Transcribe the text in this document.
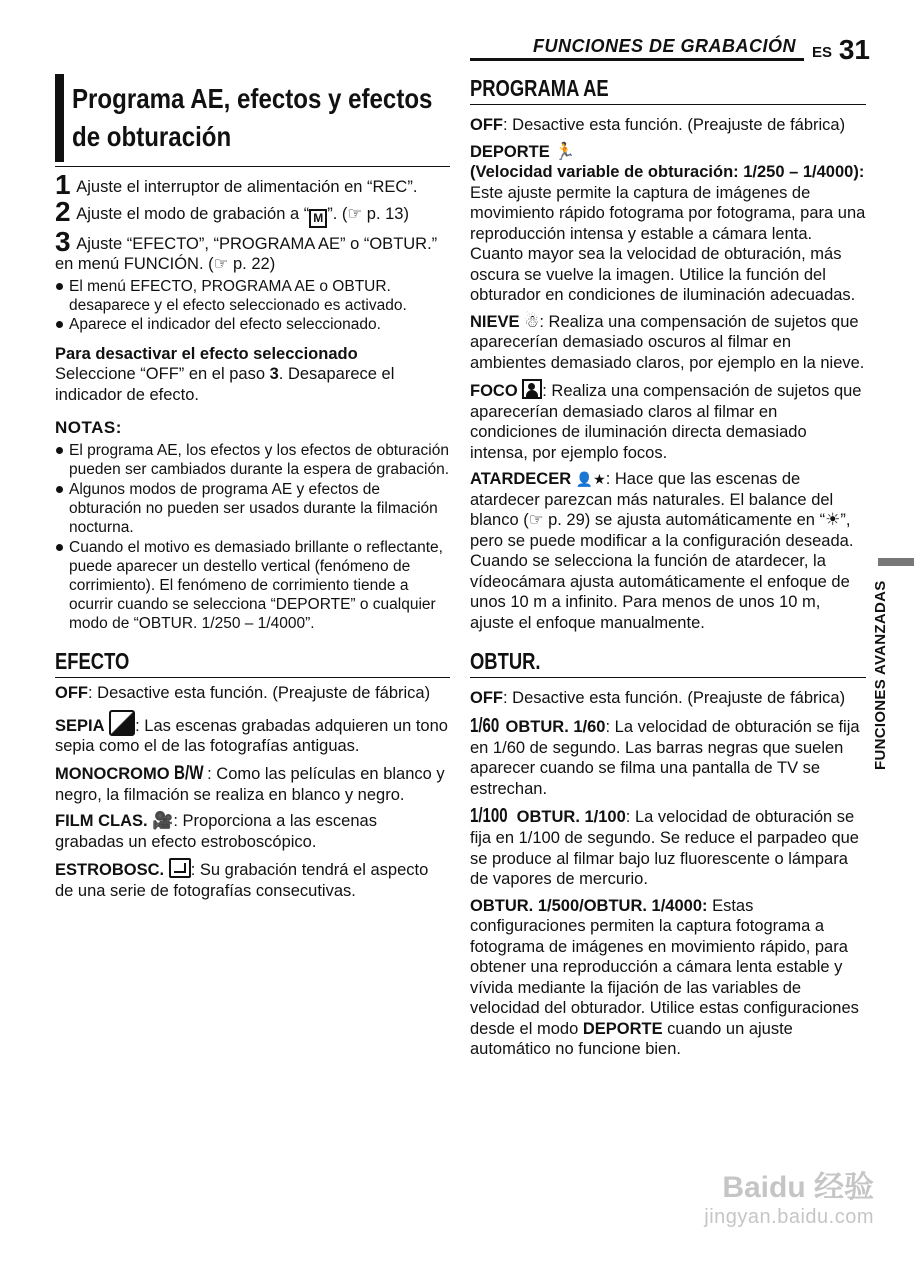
FUNCIONES DE GRABACIÓN ES 31
FUNCIONES AVANZADAS
Programa AE, efectos y efectos de obturación

1 Ajuste el interruptor de alimentación en “REC”.

2 Ajuste el modo de grabación a “ M ”. (☞ p. 13)

3 Ajuste “EFECTO”, “PROGRAMA AE” o “OBTUR.” en menú FUNCIÓN. (☞ p. 22)

El menú EFECTO, PROGRAMA AE o OBTUR. desaparece y el efecto seleccionado es activado.

Aparece el indicador del efecto seleccionado.

Para desactivar el efecto seleccionado
Seleccione “OFF” en el paso 3. Desaparece el indicador de efecto.

NOTAS:

El programa AE, los efectos y los efectos de obturación pueden ser cambiados durante la espera de grabación.

Algunos modos de programa AE y efectos de obturación no pueden ser usados durante la filmación nocturna.

Cuando el motivo es demasiado brillante o reflectante, puede aparecer un destello vertical (fenómeno de corrimiento). El fenómeno de corrimiento tiende a ocurrir cuando se selecciona “DEPORTE” o cualquier modo de “OBTUR. 1/250 – 1/4000”.

EFECTO

OFF: Desactive esta función. (Preajuste de fábrica)

SEPIA : Las escenas grabadas adquieren un tono sepia como el de las fotografías antiguas.

MONOCROMO B/W : Como las películas en blanco y negro, la filmación se realiza en blanco y negro.

FILM CLAS. 🎥: Proporciona a las escenas grabadas un efecto estroboscópico.

ESTROBOSC. : Su grabación tendrá el aspecto de una serie de fotografías consecutivas.

PROGRAMA AE

OFF: Desactive esta función. (Preajuste de fábrica)

DEPORTE 🏃
(Velocidad variable de obturación: 1/250 – 1/4000):
Este ajuste permite la captura de imágenes de movimiento rápido fotograma por fotograma, para una reproducción intensa y estable a cámara lenta. Cuanto mayor sea la velocidad de obturación, más oscura se vuelve la imagen. Utilice la función del obturador en condiciones de iluminación adecuadas.

NIEVE ☃: Realiza una compensación de sujetos que aparecerían demasiado oscuros al filmar en ambientes demasiado claros, por ejemplo en la nieve.

FOCO : Realiza una compensación de sujetos que aparecerían demasiado claros al filmar en condiciones de iluminación directa demasiado intensa, por ejemplo focos.

ATARDECER 👤★: Hace que las escenas de atardecer parezcan más naturales. El balance del blanco (☞ p. 29) se ajusta automáticamente en “☀”, pero se puede modificar a la configuración deseada. Cuando se selecciona la función de atardecer, la vídeocámara ajusta automáticamente el enfoque de unos 10 m a infinito. Para menos de unos 10 m, ajuste el enfoque manualmente.

OBTUR.

OFF: Desactive esta función. (Preajuste de fábrica)

1/60 OBTUR. 1/60: La velocidad de obturación se fija en 1/60 de segundo. Las barras negras que suelen aparecer cuando se filma una pantalla de TV se estrechan.

1/100 OBTUR. 1/100: La velocidad de obturación se fija en 1/100 de segundo. Se reduce el parpadeo que se produce al filmar bajo luz fluorescente o lámpara de vapores de mercurio.

OBTUR. 1/500/OBTUR. 1/4000: Estas configuraciones permiten la captura fotograma a fotograma de imágenes en movimiento rápido, para obtener una reproducción a cámara lenta estable y vívida mediante la fijación de las variables de velocidad del obturador. Utilice estas configuraciones desde el modo DEPORTE cuando un ajuste automático no funcione bien.

Baidu 经验
jingyan.baidu.com
